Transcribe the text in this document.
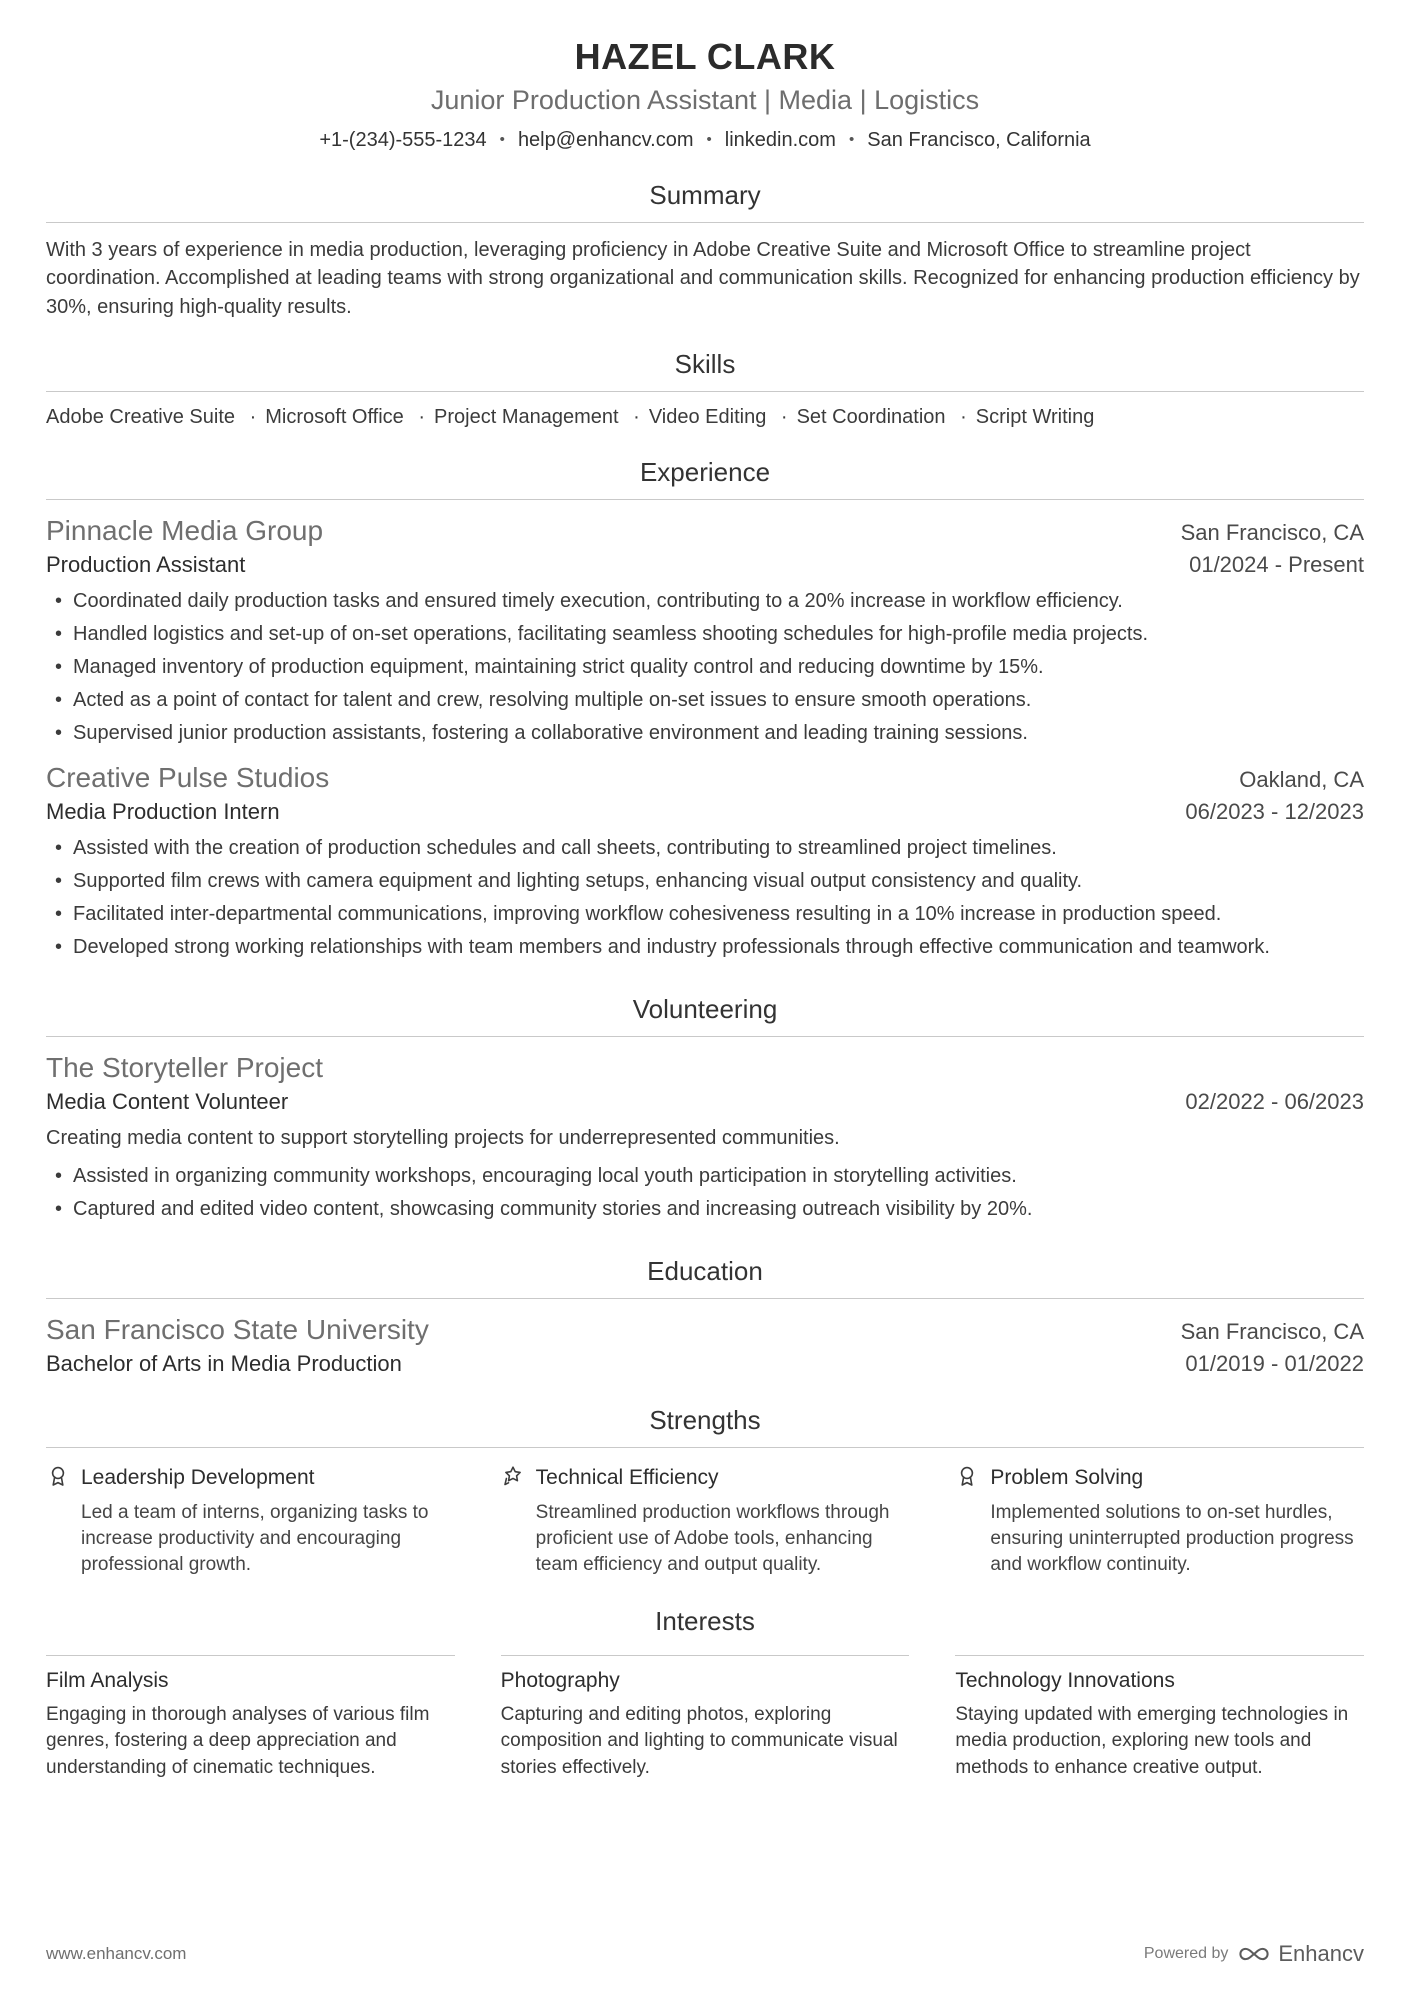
HAZEL CLARK
Junior Production Assistant | Media | Logistics
+1-(234)-555-1234	• help@enhancv.com	• linkedin.com	• San Francisco, California
Summary

With 3 years of experience in media production, leveraging proficiency in Adobe Creative Suite and Microsoft Office to streamline project coordination. Accomplished at leading teams with strong organizational and communication skills. Recognized for enhancing production efficiency by 30%, ensuring high-quality results.

Skills

Adobe Creative Suite · Microsoft Office · Project Management · Video Editing · Set Coordination · Script Writing

Experience
Pinnacle Media Group	San Francisco, CA
Production Assistant	01/2024 - Present
• Coordinated daily production tasks and ensured timely execution, contributing to a 20% increase in workflow efficiency.
• Handled logistics and set-up of on-set operations, facilitating seamless shooting schedules for high-profile media projects.
• Managed inventory of production equipment, maintaining strict quality control and reducing downtime by 15%.
• Acted as a point of contact for talent and crew, resolving multiple on-set issues to ensure smooth operations.
• Supervised junior production assistants, fostering a collaborative environment and leading training sessions.
Creative Pulse Studios	Oakland, CA
Media Production Intern	06/2023 - 12/2023
• Assisted with the creation of production schedules and call sheets, contributing to streamlined project timelines.
• Supported film crews with camera equipment and lighting setups, enhancing visual output consistency and quality.
• Facilitated inter-departmental communications, improving workflow cohesiveness resulting in a 10% increase in production speed.
• Developed strong working relationships with team members and industry professionals through effective communication and teamwork.
Volunteering
The Storyteller Project
Media Content Volunteer	02/2022 - 06/2023

Creating media content to support storytelling projects for underrepresented communities.

• Assisted in organizing community workshops, encouraging local youth participation in storytelling activities.
• Captured and edited video content, showcasing community stories and increasing outreach visibility by 20%.
Education
San Francisco State University	San Francisco, CA
Bachelor of Arts in Media Production	01/2019 - 01/2022
Strengths
Leadership Development

Led a team of interns, organizing tasks to increase productivity and encouraging professional growth.

Technical Efficiency

Streamlined production workflows through proficient use of Adobe tools, enhancing team efficiency and output quality.

Problem Solving

Implemented solutions to on-set hurdles, ensuring uninterrupted production progress and workflow continuity.

Interests
Film Analysis

Engaging in thorough analyses of various film genres, fostering a deep appreciation and understanding of cinematic techniques.

Photography

Capturing and editing photos, exploring composition and lighting to communicate visual stories effectively.

Technology Innovations

Staying updated with emerging technologies in media production, exploring new tools and methods to enhance creative output.

www.enhancv.com	Powered by Enhancv
